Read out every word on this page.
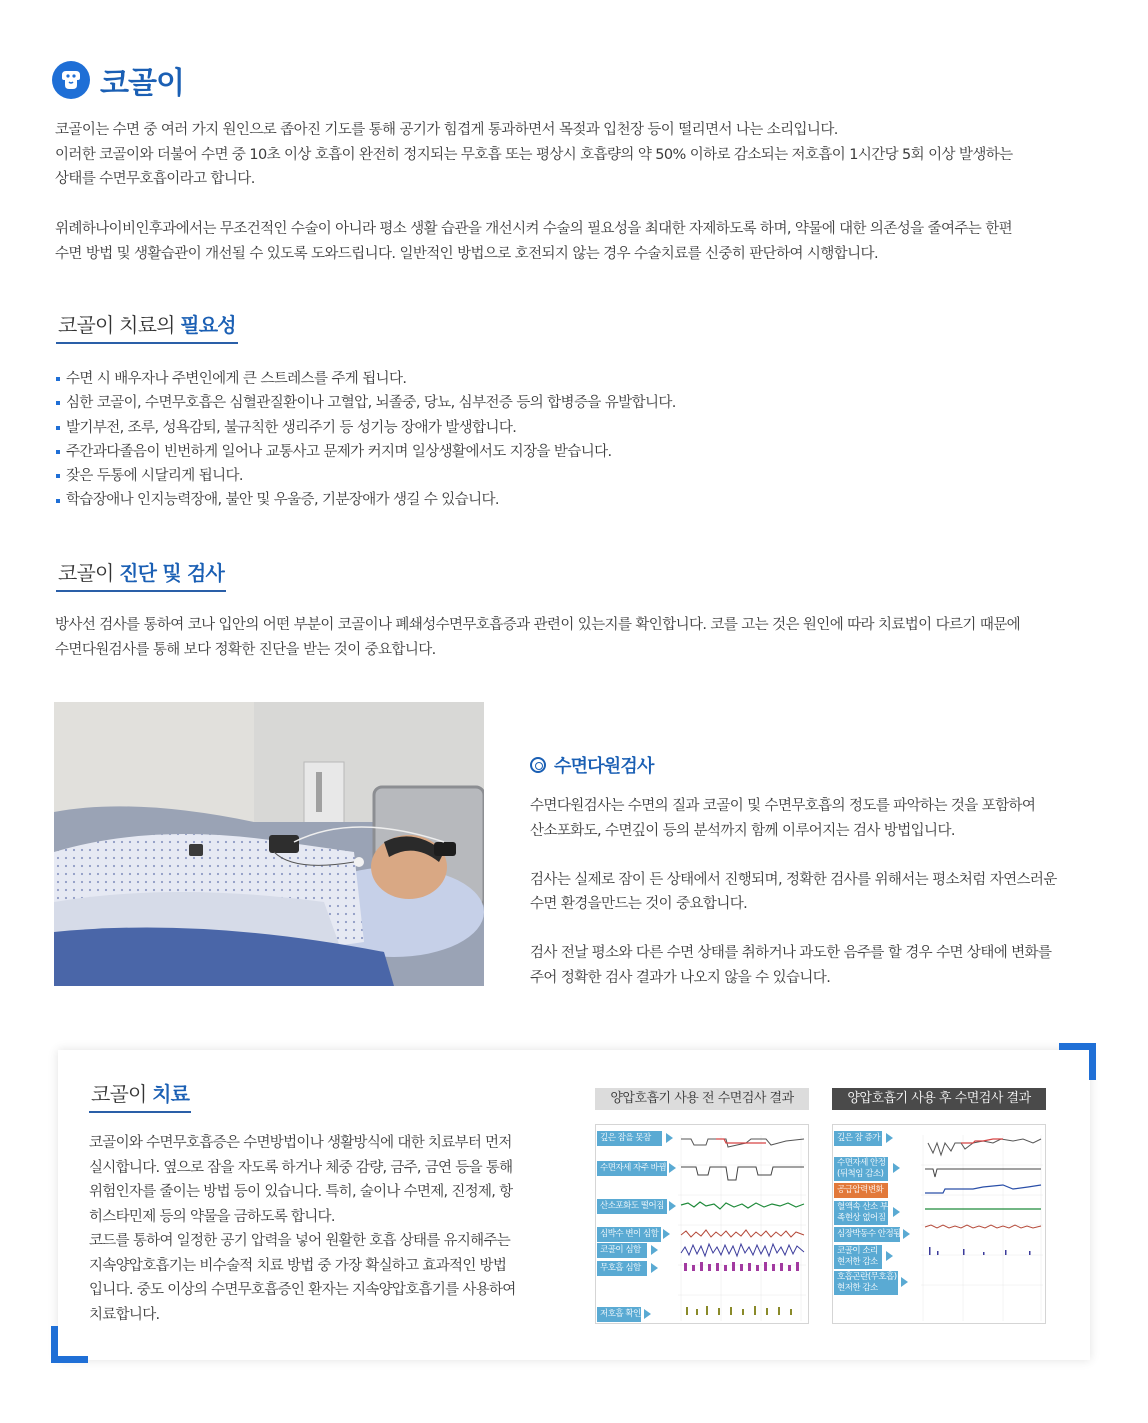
코골이

코골이는 수면 중 여러 가지 원인으로 좁아진 기도를 통해 공기가 힘겹게 통과하면서 목젖과 입천장 등이 떨리면서 나는 소리입니다.

이러한 코골이와 더불어 수면 중 10초 이상 호흡이 완전히 정지되는 무호흡 또는 평상시 호흡량의 약 50% 이하로 감소되는 저호흡이 1시간당 5회 이상 발생하는

상태를 수면무호흡이라고 합니다.

위례하나이비인후과에서는 무조건적인 수술이 아니라 평소 생활 습관을 개선시켜 수술의 필요성을 최대한 자제하도록 하며, 약물에 대한 의존성을 줄여주는 한편

수면 방법 및 생활습관이 개선될 수 있도록 도와드립니다. 일반적인 방법으로 호전되지 않는 경우 수술치료를 신중히 판단하여 시행합니다.

코골이 치료의 필요성
수면 시 배우자나 주변인에게 큰 스트레스를 주게 됩니다.
심한 코골이, 수면무호흡은 심혈관질환이나 고혈압, 뇌졸중, 당뇨, 심부전증 등의 합병증을 유발합니다.
발기부전, 조루, 성욕감퇴, 불규칙한 생리주기 등 성기능 장애가 발생합니다.
주간과다졸음이 빈번하게 일어나 교통사고 문제가 커지며 일상생활에서도 지장을 받습니다.
잦은 두통에 시달리게 됩니다.
학습장애나 인지능력장애, 불안 및 우울증, 기분장애가 생길 수 있습니다.
코골이 진단 및 검사

방사선 검사를 통하여 코나 입안의 어떤 부분이 코골이나 폐쇄성수면무호흡증과 관련이 있는지를 확인합니다. 코를 고는 것은 원인에 따라 치료법이 다르기 때문에

수면다원검사를 통해 보다 정확한 진단을 받는 것이 중요합니다.

수면다원검사

수면다원검사는 수면의 질과 코골이 및 수면무호흡의 정도를 파악하는 것을 포함하여

산소포화도, 수면깊이 등의 분석까지 함께 이루어지는 검사 방법입니다.

검사는 실제로 잠이 든 상태에서 진행되며, 정확한 검사를 위해서는 평소처럼 자연스러운

수면 환경을만드는 것이 중요합니다.

검사 전날 평소와 다른 수면 상태를 취하거나 과도한 음주를 할 경우 수면 상태에 변화를

주어 정확한 검사 결과가 나오지 않을 수 있습니다.

코골이 치료

코골이와 수면무호흡증은 수면방법이나 생활방식에 대한 치료부터 먼저

실시합니다. 옆으로 잠을 자도록 하거나 체중 감량, 금주, 금연 등을 통해

위험인자를 줄이는 방법 등이 있습니다. 특히, 술이나 수면제, 진정제, 항

히스타민제 등의 약물을 금하도록 합니다.

코드를 통하여 일정한 공기 압력을 넣어 원활한 호흡 상태를 유지해주는

지속양압호흡기는 비수술적 치료 방법 중 가장 확실하고 효과적인 방법

입니다. 중도 이상의 수면무호흡증인 환자는 지속양압호흡기를 사용하여

치료합니다.

양압호흡기 사용 전 수면검사 결과	양압호흡기 사용 후 수면검사 결과
깊은 잠을 못잠
수면자세 자주 바뀜
산소포화도 떨어짐
심박수 변이 심함
코골이 심함
무호흡 심함
저호흡 확인
깊은 잠 증가
수면자세 안정 (뒤척임 감소)
공급압력변화
혈액속 산소 부족현상 없어짐
심장박동수 안정됨
코골이 소리 현저한 감소
호흡곤란(무호흡) 현저한 감소
